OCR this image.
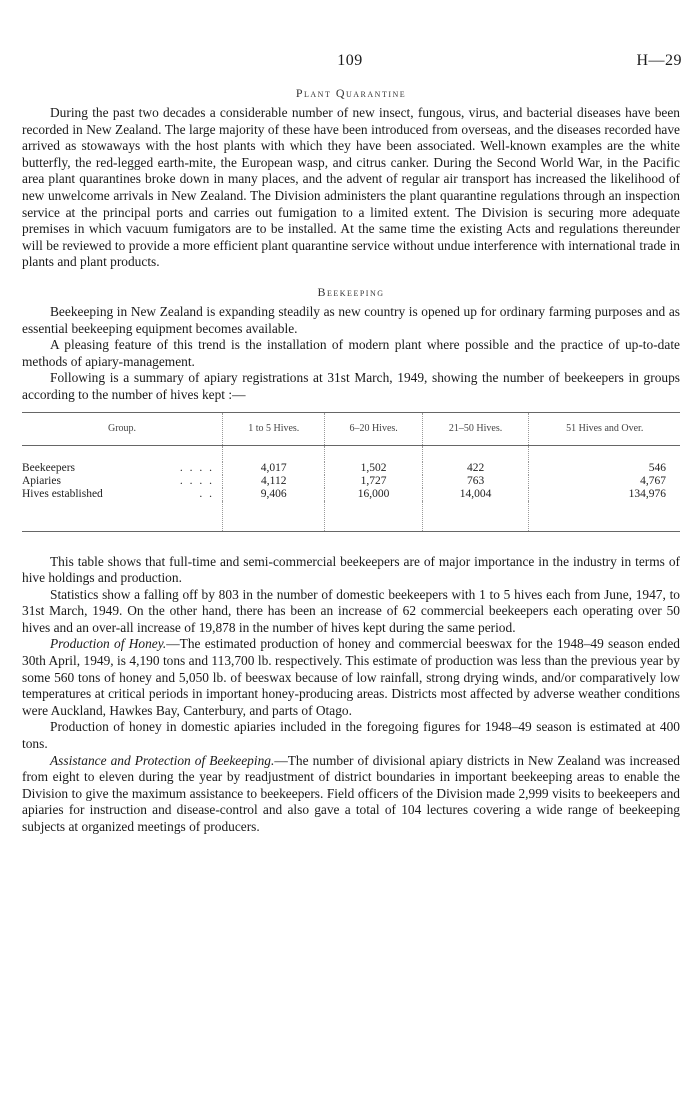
109	H—29
Plant Quarantine

During the past two decades a considerable number of new insect, fungous, virus, and bacterial diseases have been recorded in New Zealand. The large majority of these have been introduced from overseas, and the diseases recorded have arrived as stowaways with the host plants with which they have been associated. Well-known examples are the white butterfly, the red-legged earth-mite, the European wasp, and citrus canker. During the Second World War, in the Pacific area plant quarantines broke down in many places, and the advent of regular air transport has increased the likelihood of new unwelcome arrivals in New Zealand. The Division administers the plant quarantine regulations through an inspection service at the principal ports and carries out fumigation to a limited extent. The Division is securing more adequate premises in which vacuum fumigators are to be installed. At the same time the existing Acts and regulations thereunder will be reviewed to provide a more efficient plant quarantine service without undue interference with international trade in plants and plant products.

Beekeeping

Beekeeping in New Zealand is expanding steadily as new country is opened up for ordinary farming purposes and as essential beekeeping equipment becomes available.

A pleasing feature of this trend is the installation of modern plant where possible and the practice of up-to-date methods of apiary-management.

Following is a summary of apiary registrations at 31st March, 1949, showing the number of beekeepers in groups according to the number of hives kept :—

Group.	1 to 5 Hives.	6–20 Hives.	21–50 Hives.	51 Hives and Over.

Beekeepers . . . .	4,017	1,502	422	546
Apiaries . . . .	4,112	1,727	763	4,767
Hives established . .	9,406	16,000	14,004	134,976

This table shows that full-time and semi-commercial beekeepers are of major importance in the industry in terms of hive holdings and production.

Statistics show a falling off by 803 in the number of domestic beekeepers with 1 to 5 hives each from June, 1947, to 31st March, 1949. On the other hand, there has been an increase of 62 commercial beekeepers each operating over 50 hives and an over-all increase of 19,878 in the number of hives kept during the same period.

Production of Honey.—The estimated production of honey and commercial beeswax for the 1948–49 season ended 30th April, 1949, is 4,190 tons and 113,700 lb. respectively. This estimate of production was less than the previous year by some 560 tons of honey and 5,050 lb. of beeswax because of low rainfall, strong drying winds, and/or comparatively low temperatures at critical periods in important honey-producing areas. Districts most affected by adverse weather conditions were Auckland, Hawkes Bay, Canterbury, and parts of Otago.

Production of honey in domestic apiaries included in the foregoing figures for 1948–49 season is estimated at 400 tons.

Assistance and Protection of Beekeeping.—The number of divisional apiary districts in New Zealand was increased from eight to eleven during the year by readjustment of district boundaries in important beekeeping areas to enable the Division to give the maximum assistance to beekeepers. Field officers of the Division made 2,999 visits to beekeepers and apiaries for instruction and disease-control and also gave a total of 104 lectures covering a wide range of beekeeping subjects at organized meetings of producers.
